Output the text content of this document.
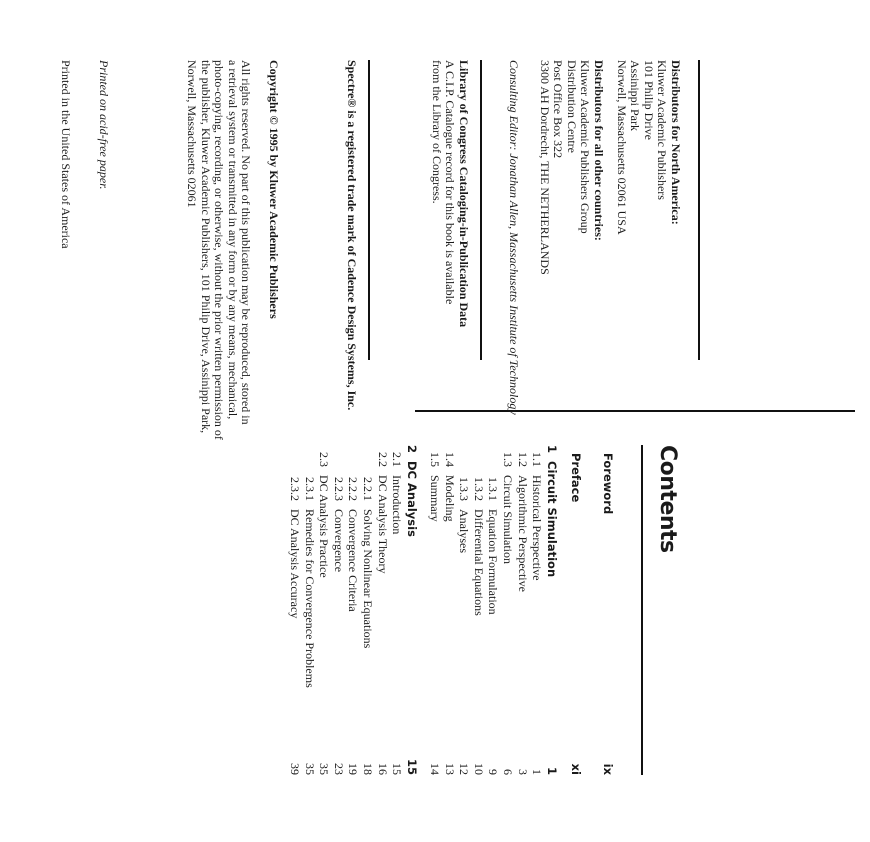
Distributors for North America:

Kluwer Academic Publishers

101 Philip Drive

Assinippi Park

Norwell, Massachusetts 02061 USA

Distributors for all other countries:

Kluwer Academic Publishers Group

Distribution Centre

Post Office Box 322

3300 AH Dordrecht, THE NETHERLANDS

Consulting Editor: Jonathan Allen, Massachusetts Institute of Technology

Library of Congress Cataloging-in-Publication Data

A C.I.P. Catalogue record for this book is available

from the Library of Congress.

Spectre® is a registered trade mark of Cadence Design Systems, Inc.

Copyright © 1995 by Kluwer Academic Publishers

All rights reserved. No part of this publication may be reproduced, stored in

a retrieval system or transmitted in any form or by any means, mechanical,

photo-copying, recording, or otherwise, without the prior written permission of

the publisher, Kluwer Academic Publishers, 101 Philip Drive, Assinippi Park,

Norwell, Massachusetts 02061

Printed on acid-free paper.

Printed in the United States of America

Contents
Foreword
ix
Preface
xi
1Circuit Simulation
1
1.1Historical Perspective
1
1.2Algorithmic Perspective
3
1.3Circuit Simulation
6
1.3.1Equation Formulation
9
1.3.2Differential Equations
10
1.3.3Analyses
12
1.4Modeling
13
1.5Summary
14
2DC Analysis
15
2.1Introduction
15
2.2DC Analysis Theory
16
2.2.1Solving Nonlinear Equations
18
2.2.2Convergence Criteria
19
2.2.3Convergence
23
2.3DC Analysis Practice
35
2.3.1Remedies for Convergence Problems
35
2.3.2DC Analysis Accuracy
39
